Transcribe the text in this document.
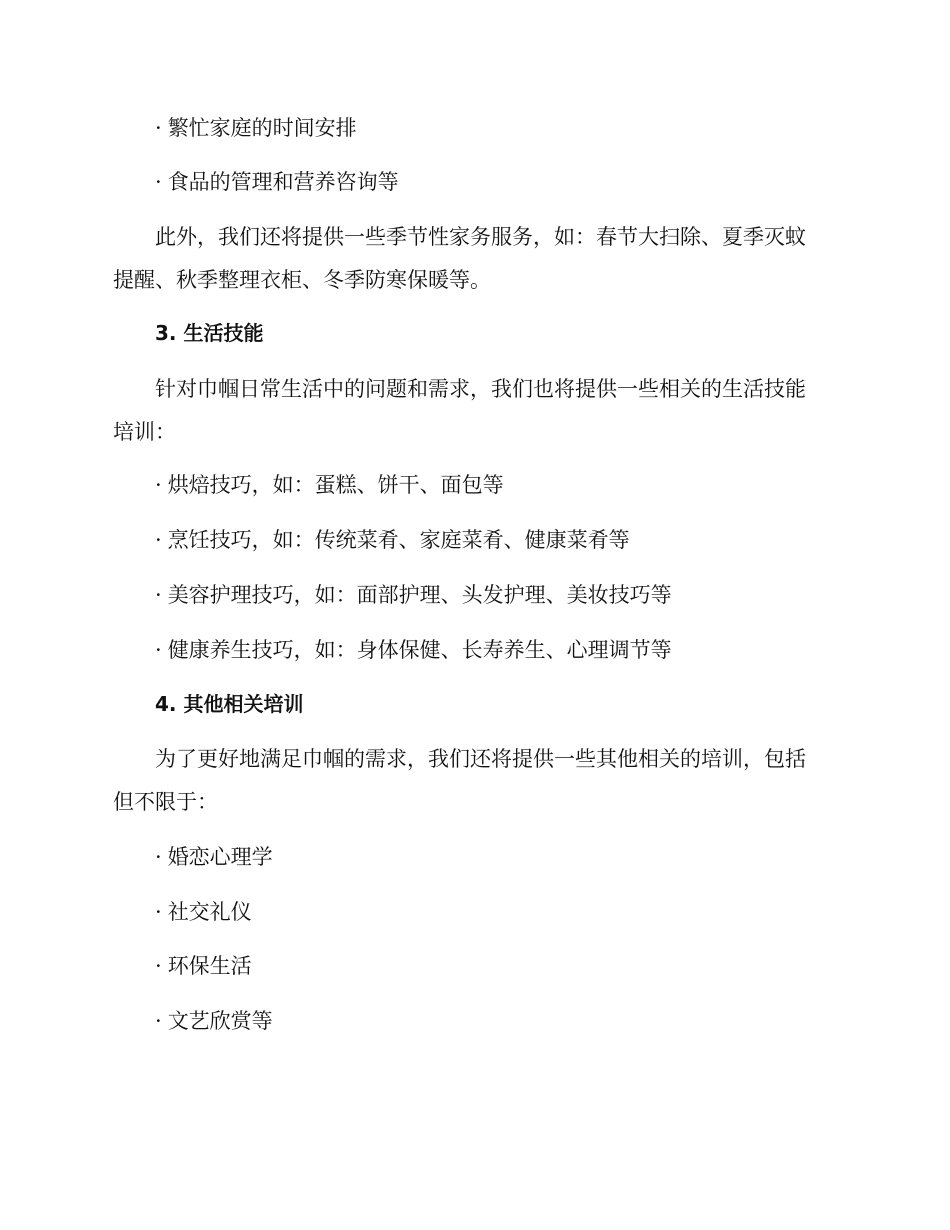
· 繁忙家庭的时间安排
· 食品的管理和营养咨询等
此外，我们还将提供一些季节性家务服务，如：春节大扫除、夏季灭蚊
提醒、秋季整理衣柜、冬季防寒保暖等。
3. 生活技能
针对巾帼日常生活中的问题和需求，我们也将提供一些相关的生活技能
培训：
· 烘焙技巧，如：蛋糕、饼干、面包等
· 烹饪技巧，如：传统菜肴、家庭菜肴、健康菜肴等
· 美容护理技巧，如：面部护理、头发护理、美妆技巧等
· 健康养生技巧，如：身体保健、长寿养生、心理调节等
4. 其他相关培训
为了更好地满足巾帼的需求，我们还将提供一些其他相关的培训，包括
但不限于：
· 婚恋心理学
· 社交礼仪
· 环保生活
· 文艺欣赏等
